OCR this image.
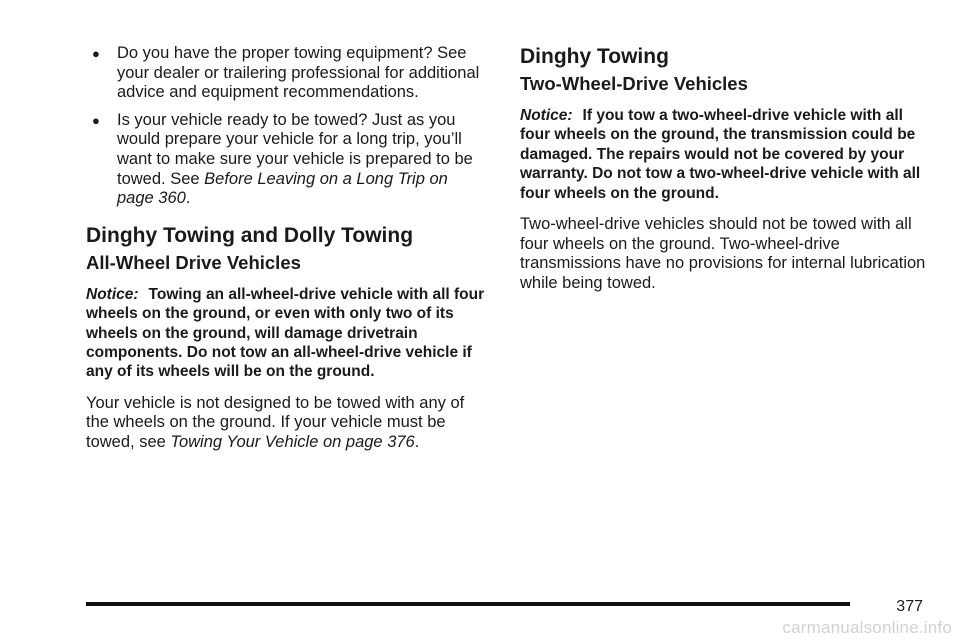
● Do you have the proper towing equipment? See your dealer or trailering professional for additional advice and equipment recommendations.
● Is your vehicle ready to be towed? Just as you would prepare your vehicle for a long trip, you’ll want to make sure your vehicle is prepared to be towed. See Before Leaving on a Long Trip on page 360.
Dinghy Towing and Dolly Towing
All-Wheel Drive Vehicles

Notice: Towing an all-wheel-drive vehicle with all four wheels on the ground, or even with only two of its wheels on the ground, will damage drivetrain components. Do not tow an all-wheel-drive vehicle if any of its wheels will be on the ground.

Your vehicle is not designed to be towed with any of the wheels on the ground. If your vehicle must be towed, see Towing Your Vehicle on page 376.

Dinghy Towing
Two-Wheel-Drive Vehicles

Notice: If you tow a two-wheel-drive vehicle with all four wheels on the ground, the transmission could be damaged. The repairs would not be covered by your warranty. Do not tow a two-wheel-drive vehicle with all four wheels on the ground.

Two-wheel-drive vehicles should not be towed with all four wheels on the ground. Two-wheel-drive transmissions have no provisions for internal lubrication while being towed.

377
carmanualsonline.info
